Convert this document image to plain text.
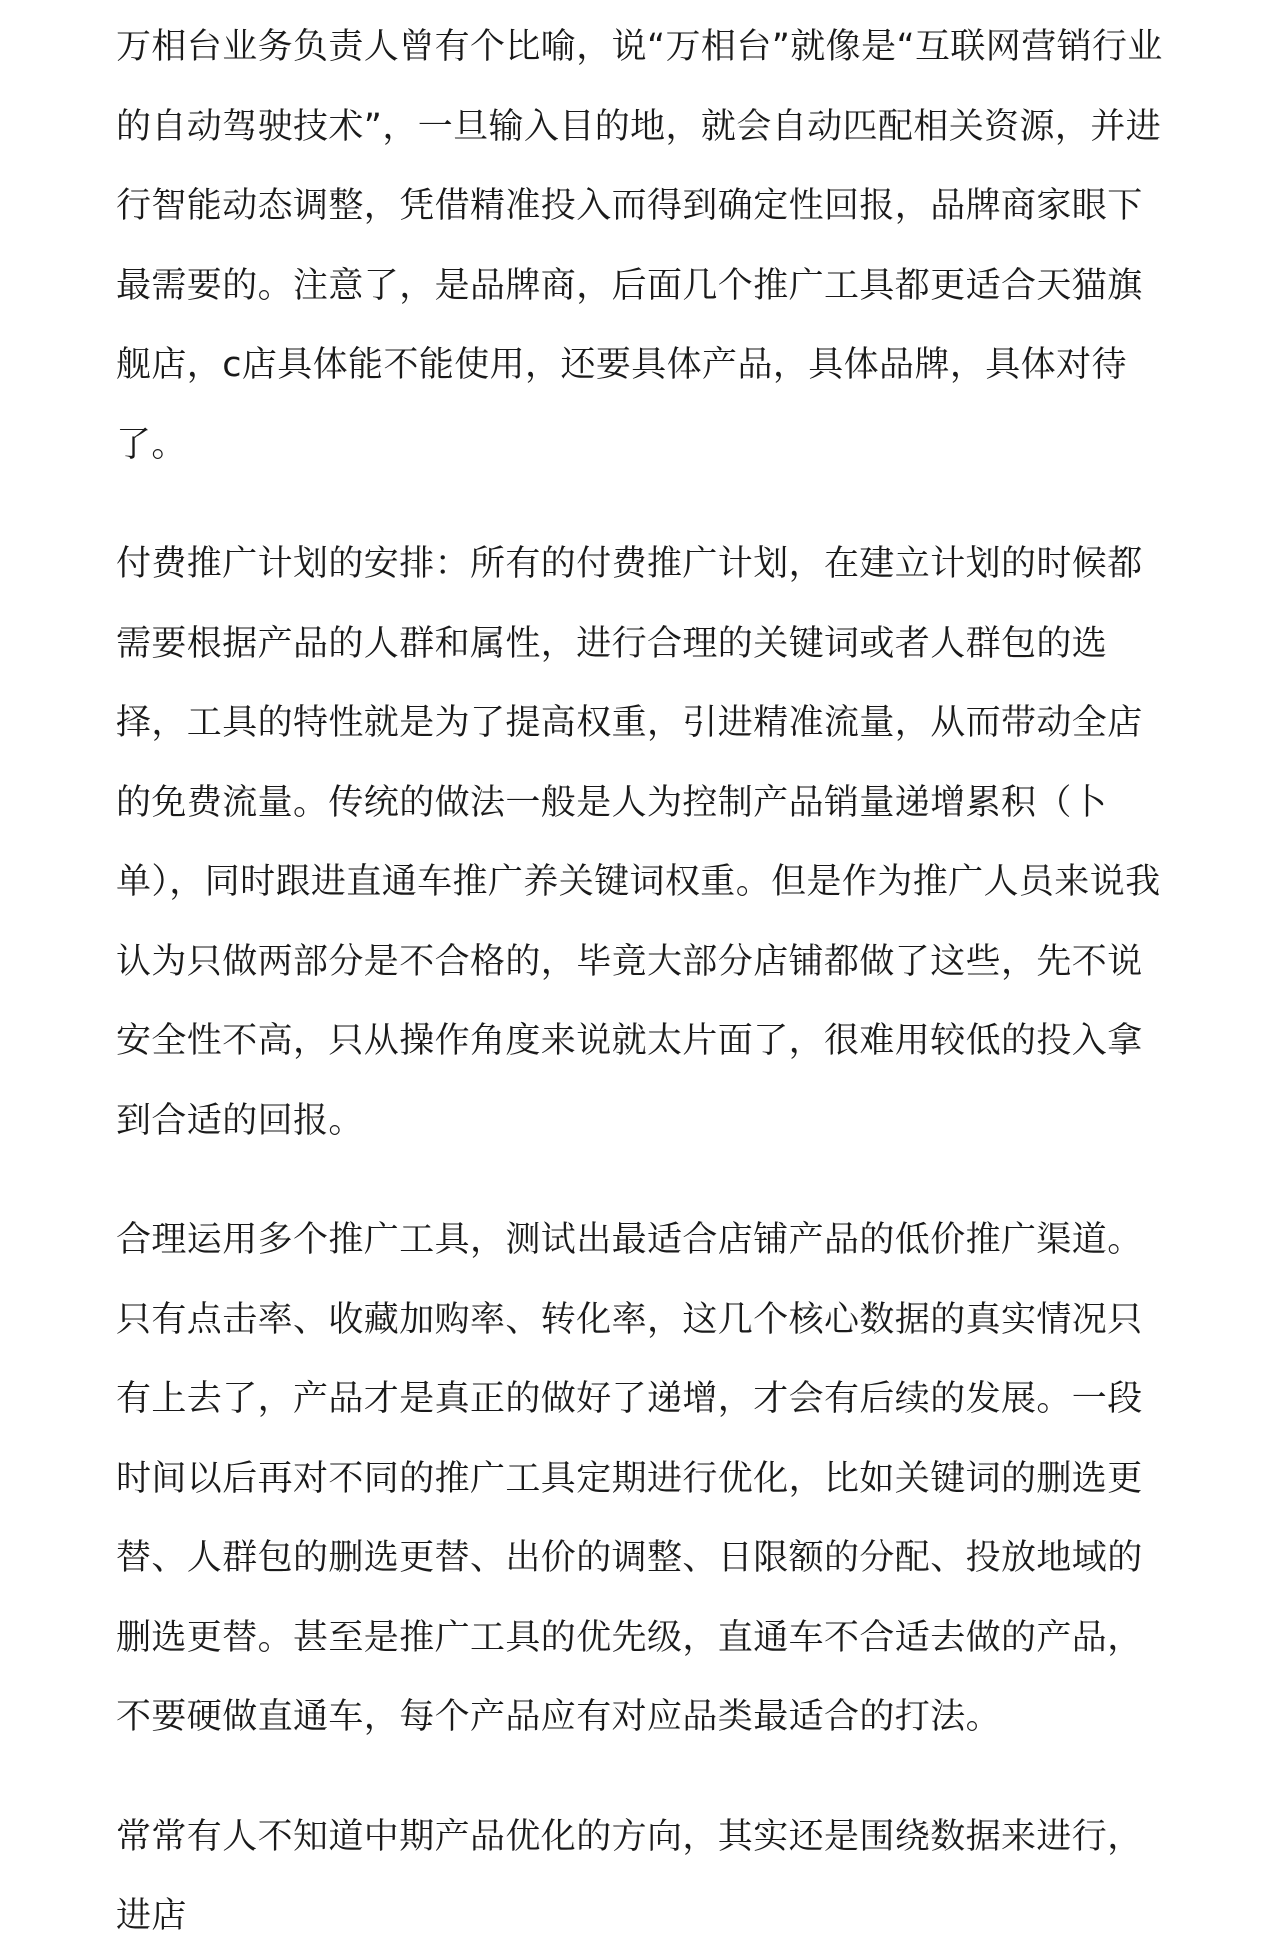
万相台业务负责人曾有个比喻，说“万相台”就像是“互联网营销行业的自动驾驶技术”，一旦输入目的地，就会自动匹配相关资源，并进行智能动态调整，凭借精准投入而得到确定性回报，品牌商家眼下最需要的。注意了，是品牌商，后面几个推广工具都更适合天猫旗舰店，c店具体能不能使用，还要具体产品，具体品牌，具体对待了。

付费推广计划的安排：所有的付费推广计划，在建立计划的时候都需要根据产品的人群和属性，进行合理的关键词或者人群包的选择，工具的特性就是为了提高权重，引进精准流量，从而带动全店的免费流量。传统的做法一般是人为控制产品销量递增累积（卜单），同时跟进直通车推广养关键词权重。但是作为推广人员来说我认为只做两部分是不合格的，毕竟大部分店铺都做了这些，先不说安全性不高，只从操作角度来说就太片面了，很难用较低的投入拿到合适的回报。

合理运用多个推广工具，测试出最适合店铺产品的低价推广渠道。只有点击率、收藏加购率、转化率，这几个核心数据的真实情况只有上去了，产品才是真正的做好了递增，才会有后续的发展。一段时间以后再对不同的推广工具定期进行优化，比如关键词的删选更替、人群包的删选更替、出价的调整、日限额的分配、投放地域的删选更替。甚至是推广工具的优先级，直通车不合适去做的产品，不要硬做直通车，每个产品应有对应品类最适合的打法。

常常有人不知道中期产品优化的方向，其实还是围绕数据来进行，进店
